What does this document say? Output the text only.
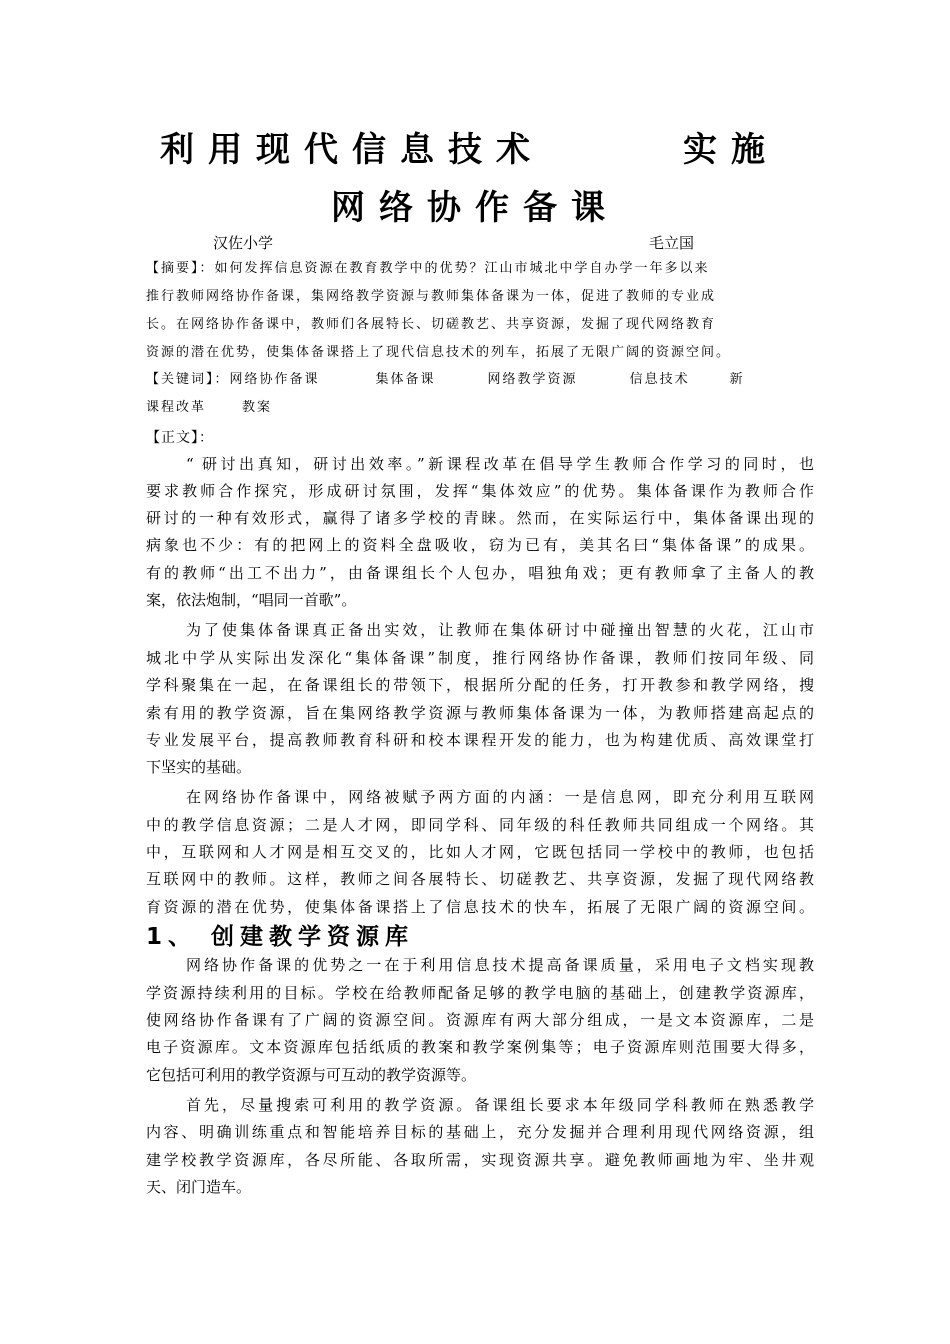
利用现代信息技术	实施
网络协作备课
汉佐小学	毛立国
【摘要】：如何发挥信息资源在教育教学中的优势？江山市城北中学自办学一年多以来
推行教师网络协作备课，集网络教学资源与教师集体备课为一体，促进了教师的专业成
长。在网络协作备课中，教师们各展特长、切磋教艺、共享资源，发掘了现代网络教育
资源的潜在优势，使集体备课搭上了现代信息技术的列车，拓展了无限广阔的资源空间。
【关键词】：网络协作备课	集体备课	网络教学资源	信息技术	新
课程改革	教案
【正文】：
“ 研讨出真知，研讨出效率。”新课程改革在倡导学生教师合作学习的同时，也
要求教师合作探究，形成研讨氛围，发挥“集体效应”的优势。集体备课作为教师合作
研讨的一种有效形式，赢得了诸多学校的青睐。然而，在实际运行中，集体备课出现的
病象也不少：有的把网上的资料全盘吸收，窃为已有，美其名曰“集体备课”的成果。
有的教师“出工不出力”，由备课组长个人包办，唱独角戏；更有教师拿了主备人的教
案，依法炮制，“唱同一首歌”。
为了使集体备课真正备出实效，让教师在集体研讨中碰撞出智慧的火花，江山市
城北中学从实际出发深化“集体备课”制度，推行网络协作备课，教师们按同年级、同
学科聚集在一起，在备课组长的带领下，根据所分配的任务，打开教参和教学网络，搜
索有用的教学资源，旨在集网络教学资源与教师集体备课为一体，为教师搭建高起点的
专业发展平台，提高教师教育科研和校本课程开发的能力，也为构建优质、高效课堂打
下坚实的基础。
在网络协作备课中，网络被赋予两方面的内涵：一是信息网，即充分利用互联网
中的教学信息资源；二是人才网，即同学科、同年级的科任教师共同组成一个网络。其
中，互联网和人才网是相互交叉的，比如人才网，它既包括同一学校中的教师，也包括
互联网中的教师。这样，教师之间各展特长、切磋教艺、共享资源，发掘了现代网络教
育资源的潜在优势，使集体备课搭上了信息技术的快车，拓展了无限广阔的资源空间。
1、 创建教学资源库
网络协作备课的优势之一在于利用信息技术提高备课质量，采用电子文档实现教
学资源持续利用的目标。学校在给教师配备足够的教学电脑的基础上，创建教学资源库，
使网络协作备课有了广阔的资源空间。资源库有两大部分组成，一是文本资源库，二是
电子资源库。文本资源库包括纸质的教案和教学案例集等；电子资源库则范围要大得多，
它包括可利用的教学资源与可互动的教学资源等。
首先，尽量搜索可利用的教学资源。备课组长要求本年级同学科教师在熟悉教学
内容、明确训练重点和智能培养目标的基础上，充分发掘并合理利用现代网络资源，组
建学校教学资源库，各尽所能、各取所需，实现资源共享。避免教师画地为牢、坐井观
天、闭门造车。
